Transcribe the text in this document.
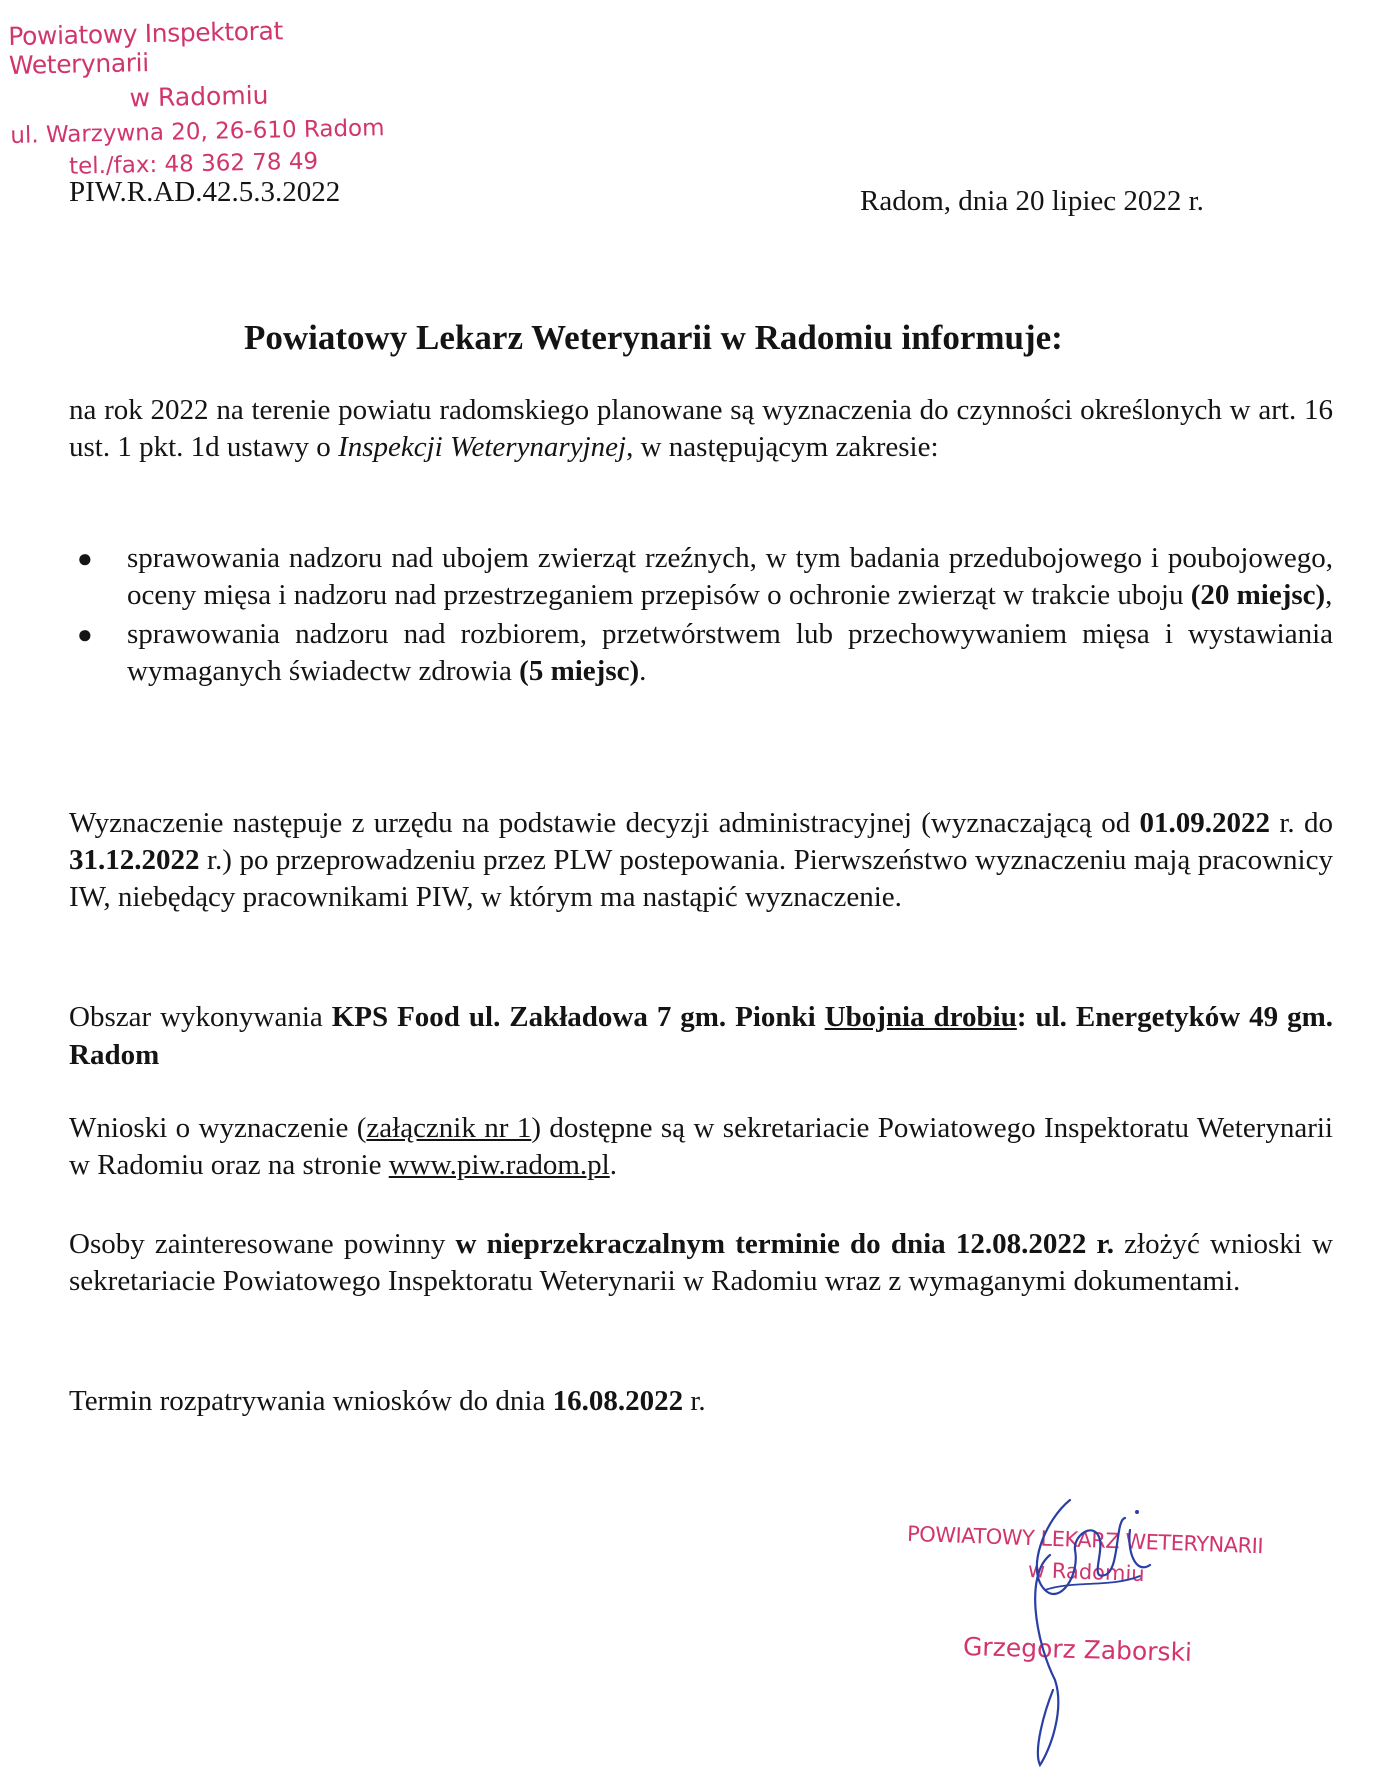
Powiatowy Inspektorat Weterynarii
w Radomiu
ul. Warzywna 20, 26-610 Radom
tel./fax: 48 362 78 49
PIW.R.AD.42.5.3.2022	Radom, dnia 20 lipiec 2022 r.
Powiatowy Lekarz Weterynarii w Radomiu informuje:
na rok 2022 na terenie powiatu radomskiego planowane są wyznaczenia do czynności określonych w art. 16 ust. 1 pkt. 1d ustawy o Inspekcji Weterynaryjnej, w następującym zakresie:
● sprawowania nadzoru nad ubojem zwierząt rzeźnych, w tym badania przedubojowego i poubojowego, oceny mięsa i nadzoru nad przestrzeganiem przepisów o ochronie zwierząt w trakcie uboju (20 miejsc),
● sprawowania nadzoru nad rozbiorem, przetwórstwem lub przechowywaniem mięsa i wystawiania wymaganych świadectw zdrowia (5 miejsc).
Wyznaczenie następuje z urzędu na podstawie decyzji administracyjnej (wyznaczającą od 01.09.2022 r. do 31.12.2022 r.) po przeprowadzeniu przez PLW postepowania. Pierwszeństwo wyznaczeniu mają pracownicy IW, niebędący pracownikami PIW, w którym ma nastąpić wyznaczenie.
Obszar wykonywania KPS Food ul. Zakładowa 7 gm. Pionki Ubojnia drobiu: ul. Energetyków 49 gm. Radom
Wnioski o wyznaczenie (załącznik nr 1) dostępne są w sekretariacie Powiatowego Inspektoratu Weterynarii w Radomiu oraz na stronie www.piw.radom.pl.
Osoby zainteresowane powinny w nieprzekraczalnym terminie do dnia 12.08.2022 r. złożyć wnioski w sekretariacie Powiatowego Inspektoratu Weterynarii w Radomiu wraz z wymaganymi dokumentami.
Termin rozpatrywania wniosków do dnia 16.08.2022 r.
POWIATOWY LEKARZ WETERYNARII
w Radomiu
Grzegorz Zaborski
